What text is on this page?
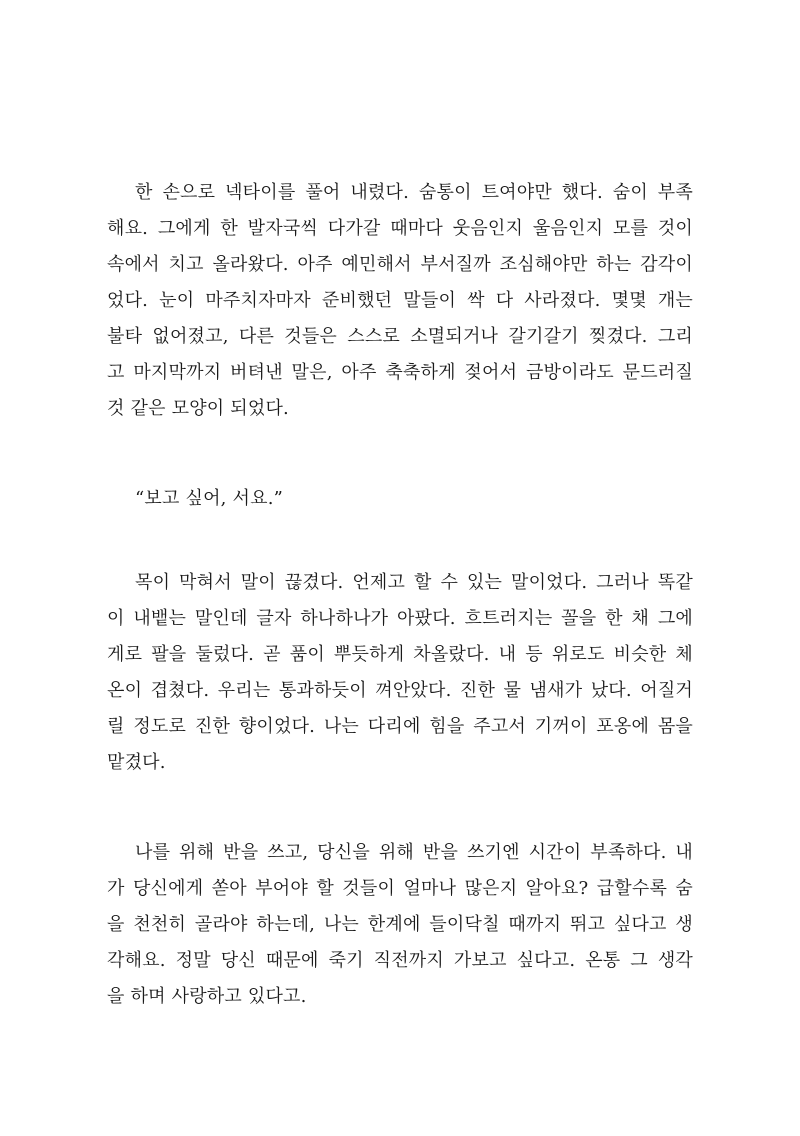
한 손으로 넥타이를 풀어 내렸다. 숨통이 트여야만 했다. 숨이 부족
해요. 그에게 한 발자국씩 다가갈 때마다 웃음인지 울음인지 모를 것이
속에서 치고 올라왔다. 아주 예민해서 부서질까 조심해야만 하는 감각이
었다. 눈이 마주치자마자 준비했던 말들이 싹 다 사라졌다. 몇몇 개는
불타 없어졌고, 다른 것들은 스스로 소멸되거나 갈기갈기 찢겼다. 그리
고 마지막까지 버텨낸 말은, 아주 축축하게 젖어서 금방이라도 문드러질
것 같은 모양이 되었다.
“보고 싶어, 서요.”
목이 막혀서 말이 끊겼다. 언제고 할 수 있는 말이었다. 그러나 똑같
이 내뱉는 말인데 글자 하나하나가 아팠다. 흐트러지는 꼴을 한 채 그에
게로 팔을 둘렀다. 곧 품이 뿌듯하게 차올랐다. 내 등 위로도 비슷한 체
온이 겹쳤다. 우리는 통과하듯이 껴안았다. 진한 물 냄새가 났다. 어질거
릴 정도로 진한 향이었다. 나는 다리에 힘을 주고서 기꺼이 포옹에 몸을
맡겼다.
나를 위해 반을 쓰고, 당신을 위해 반을 쓰기엔 시간이 부족하다. 내
가 당신에게 쏟아 부어야 할 것들이 얼마나 많은지 알아요? 급할수록 숨
을 천천히 골라야 하는데, 나는 한계에 들이닥칠 때까지 뛰고 싶다고 생
각해요. 정말 당신 때문에 죽기 직전까지 가보고 싶다고. 온통 그 생각
을 하며 사랑하고 있다고.
